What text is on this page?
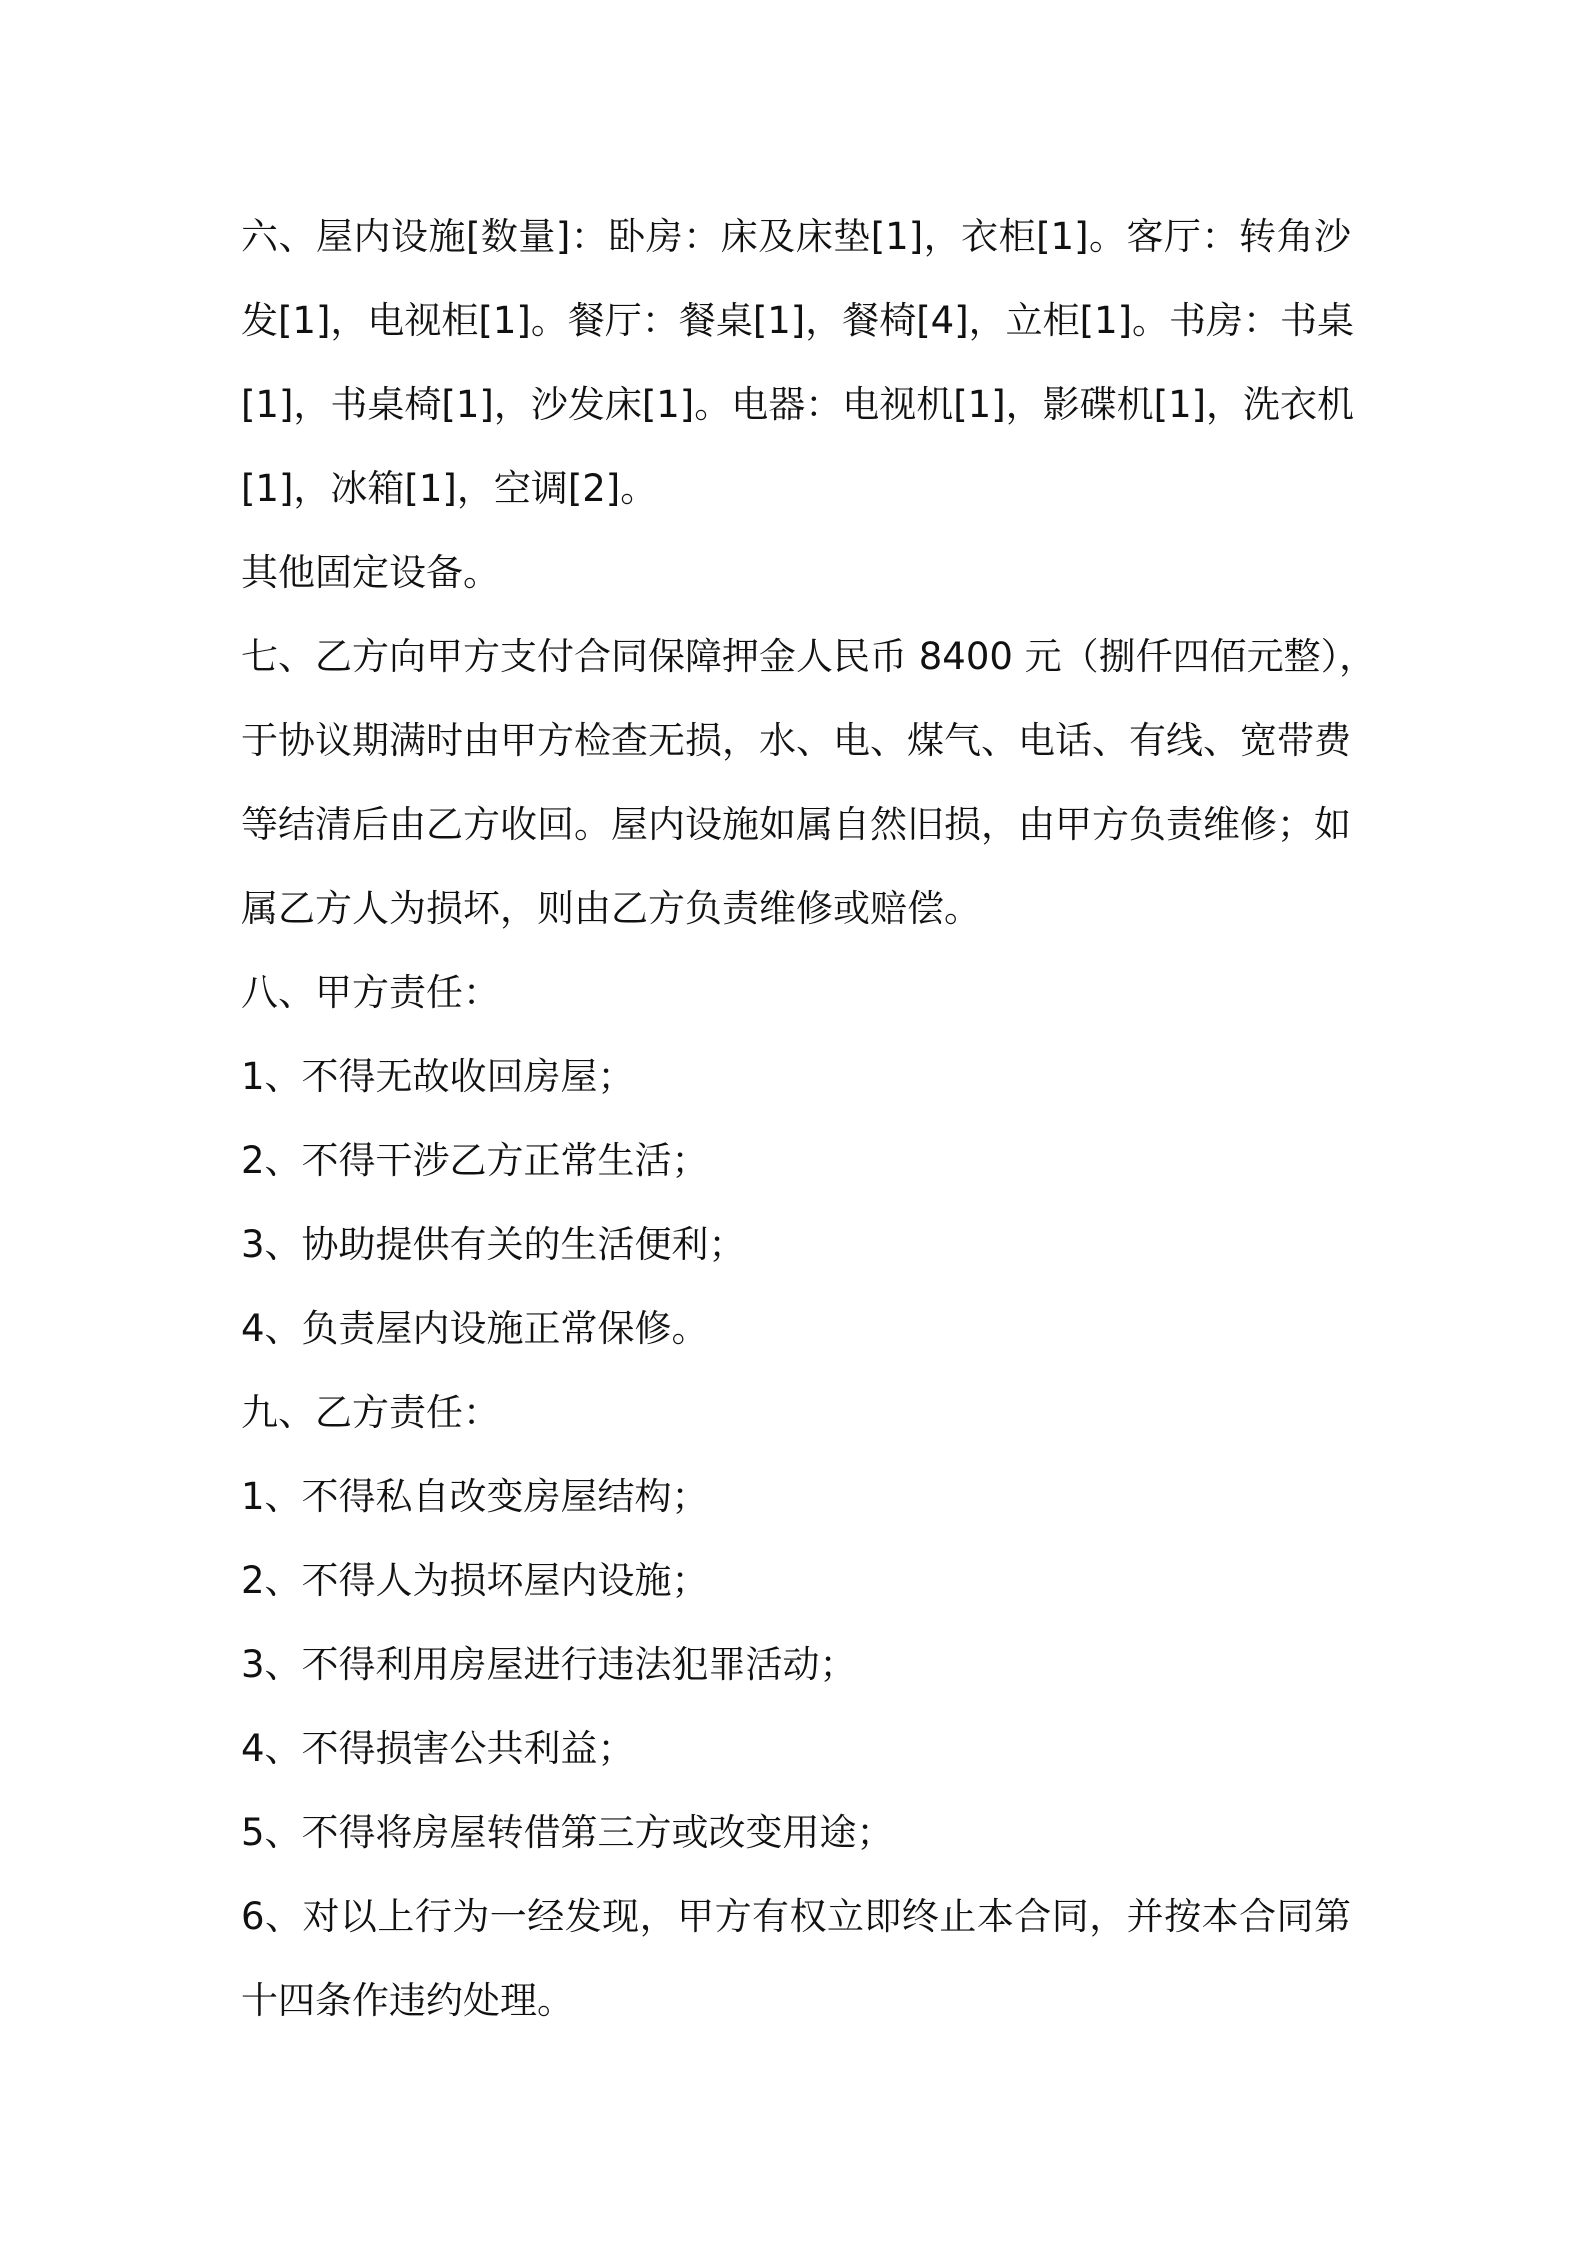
六、屋内设施[数量]：卧房：床及床垫[1]，衣柜[1]。客厅：转角沙
发[1]，电视柜[1]。餐厅：餐桌[1]，餐椅[4]，立柜[1]。书房：书桌
[1]，书桌椅[1]，沙发床[1]。电器：电视机[1]，影碟机[1]，洗衣机
[1]，冰箱[1]，空调[2]。
其他固定设备。
七、乙方向甲方支付合同保障押金人民币 8400 元（捌仟四佰元整），
于协议期满时由甲方检查无损，水、电、煤气、电话、有线、宽带费
等结清后由乙方收回。屋内设施如属自然旧损，由甲方负责维修；如
属乙方人为损坏，则由乙方负责维修或赔偿。
八、甲方责任：
1、不得无故收回房屋；
2、不得干涉乙方正常生活；
3、协助提供有关的生活便利；
4、负责屋内设施正常保修。
九、乙方责任：
1、不得私自改变房屋结构；
2、不得人为损坏屋内设施；
3、不得利用房屋进行违法犯罪活动；
4、不得损害公共利益；
5、不得将房屋转借第三方或改变用途；
6、对以上行为一经发现，甲方有权立即终止本合同，并按本合同第
十四条作违约处理。
